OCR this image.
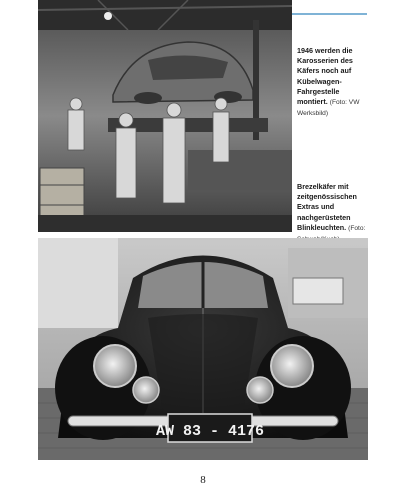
1946 werden die Karosserien des Käfers noch auf Kübelwagen-Fahrgestelle montiert. (Foto: VW Werksbild)
Brezelkäfer mit zeitgenössischen Extras und nachgerüsteten Blinkleuchten. (Foto:
AW 83 - 4176
8
